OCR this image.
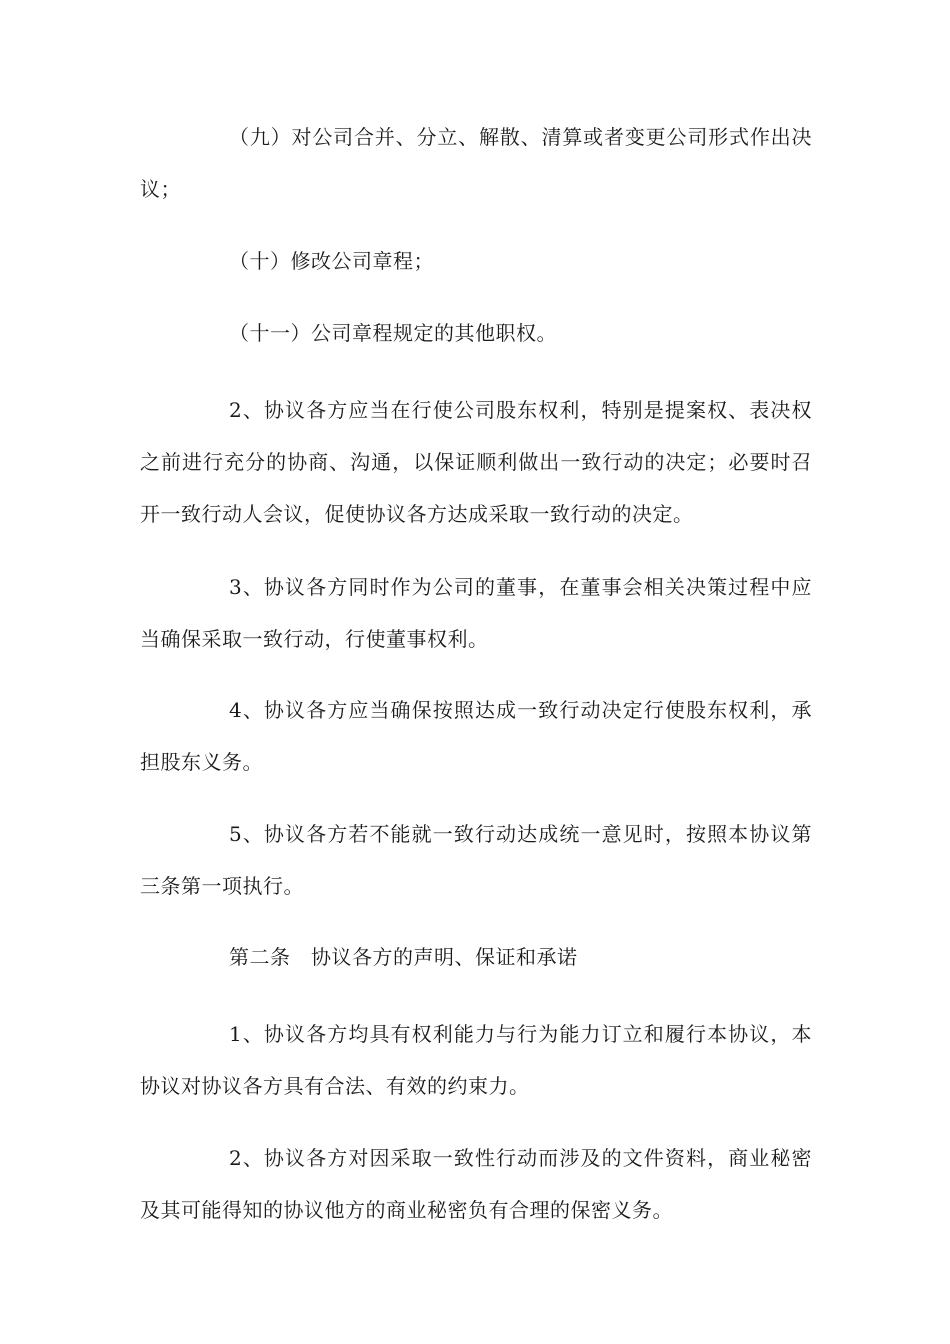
（九）对公司合并、分立、解散、清算或者变更公司形式作出决议；

（十）修改公司章程；

（十一）公司章程规定的其他职权。

2、协议各方应当在行使公司股东权利，特别是提案权、表决权之前进行充分的协商、沟通，以保证顺利做出一致行动的决定；必要时召开一致行动人会议，促使协议各方达成采取一致行动的决定。

3、协议各方同时作为公司的董事，在董事会相关决策过程中应当确保采取一致行动，行使董事权利。

4、协议各方应当确保按照达成一致行动决定行使股东权利，承担股东义务。

5、协议各方若不能就一致行动达成统一意见时，按照本协议第三条第一项执行。

第二条　协议各方的声明、保证和承诺

1、协议各方均具有权利能力与行为能力订立和履行本协议，本协议对协议各方具有合法、有效的约束力。

2、协议各方对因采取一致性行动而涉及的文件资料，商业秘密及其可能得知的协议他方的商业秘密负有合理的保密义务。
